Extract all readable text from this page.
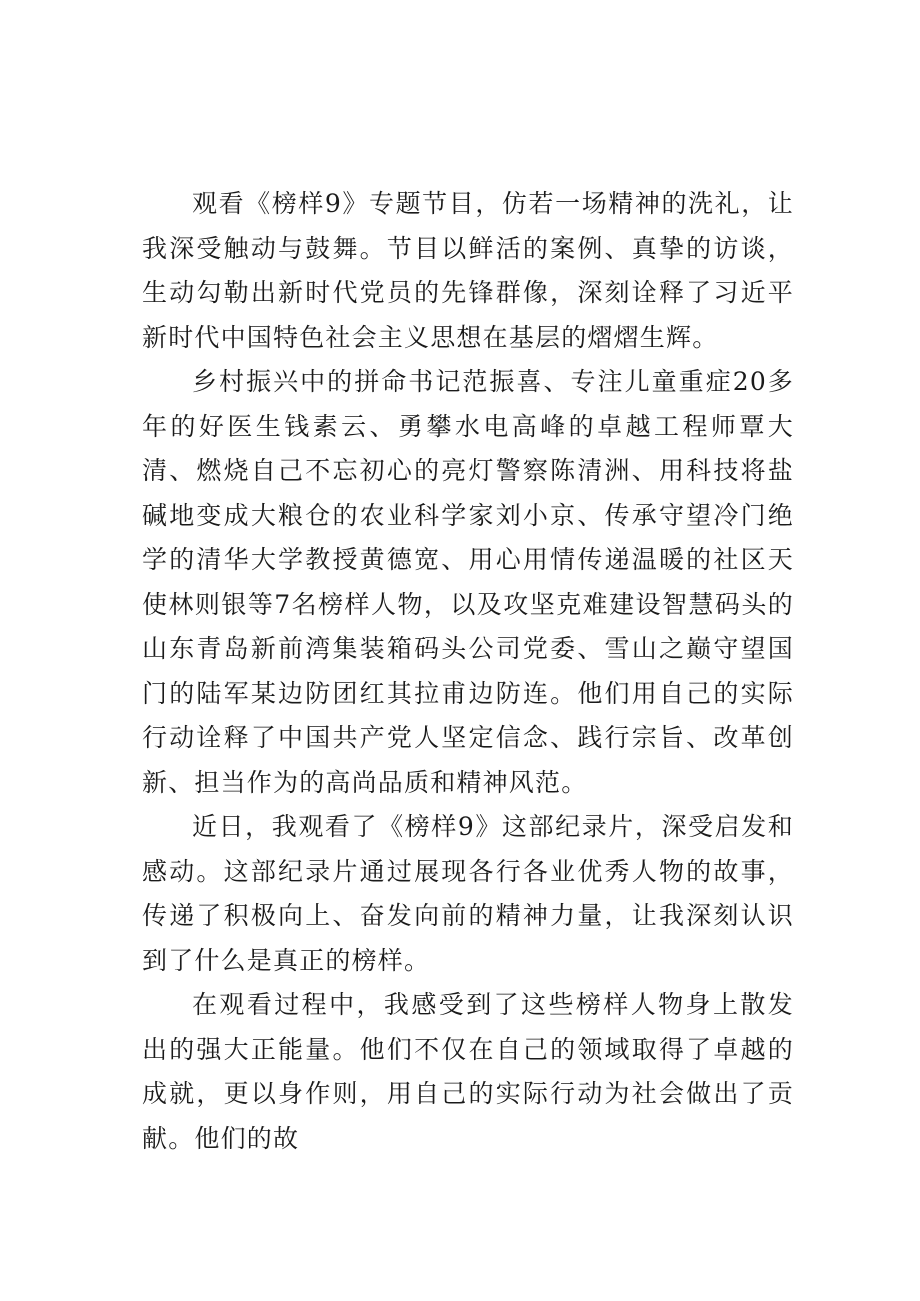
观看《榜样9》专题节目，仿若一场精神的洗礼，让我深受触动与鼓舞。节目以鲜活的案例、真挚的访谈，生动勾勒出新时代党员的先锋群像，深刻诠释了习近平新时代中国特色社会主义思想在基层的熠熠生辉。

乡村振兴中的拼命书记范振喜、专注儿童重症20多年的好医生钱素云、勇攀水电高峰的卓越工程师覃大清、燃烧自己不忘初心的亮灯警察陈清洲、用科技将盐碱地变成大粮仓的农业科学家刘小京、传承守望冷门绝学的清华大学教授黄德宽、用心用情传递温暖的社区天使林则银等7名榜样人物，以及攻坚克难建设智慧码头的山东青岛新前湾集装箱码头公司党委、雪山之巅守望国门的陆军某边防团红其拉甫边防连。他们用自己的实际行动诠释了中国共产党人坚定信念、践行宗旨、改革创新、担当作为的高尚品质和精神风范。

近日，我观看了《榜样9》这部纪录片，深受启发和感动。这部纪录片通过展现各行各业优秀人物的故事，传递了积极向上、奋发向前的精神力量，让我深刻认识到了什么是真正的榜样。

在观看过程中，我感受到了这些榜样人物身上散发出的强大正能量。他们不仅在自己的领域取得了卓越的成就，更以身作则，用自己的实际行动为社会做出了贡献。他们的故
